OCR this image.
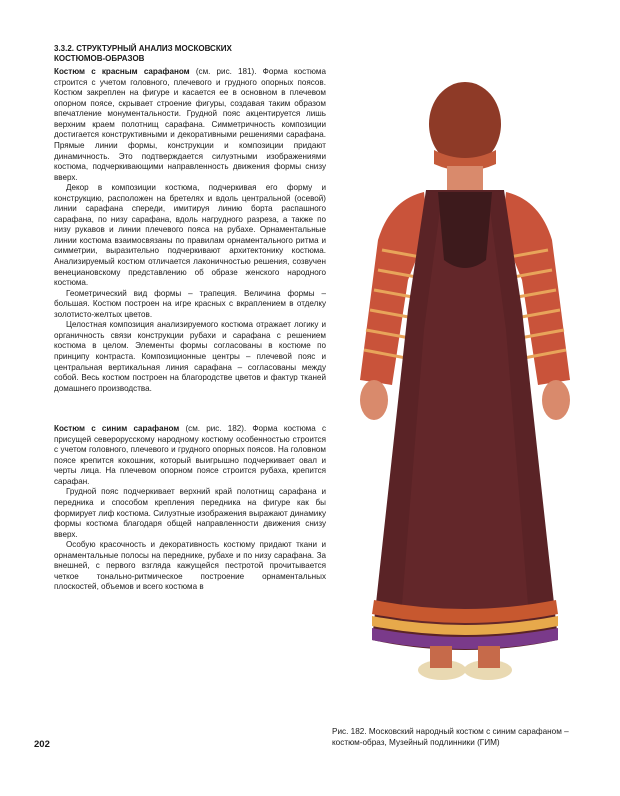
3.3.2. СТРУКТУРНЫЙ АНАЛИЗ МОСКОВСКИХ
КОСТЮМОВ-ОБРАЗОВ

Костюм с красным сарафаном (см. рис. 181). Форма костюма строится с учетом головного, плечевого и грудного опорных поясов. Костюм закреплен на фигуре и касается ее в основном в плечевом опорном поясе, скрывает строение фигуры, создавая таким образом впечатление монументальности. Грудной пояс акцентируется лишь верхним краем полотнищ сарафана. Симметричность композиции достигается конструктивными и декоративными решениями сарафана. Прямые линии формы, конструкции и композиции придают динамичность. Это подтверждается силуэтными изображениями костюма, подчеркивающими направленность движения формы снизу вверх.

Декор в композиции костюма, подчеркивая его форму и конструкцию, расположен на бретелях и вдоль центральной (осевой) линии сарафана спереди, имитируя линию борта распашного сарафана, по низу сарафана, вдоль нагрудного разреза, а также по низу рукавов и линии плечевого пояса на рубахе. Орнаментальные линии костюма взаимосвязаны по правилам орнаментального ритма и симметрии, выразительно подчеркивают архитектонику костюма. Анализируемый костюм отличается лаконичностью решения, созвучен венециановскому представлению об образе женского народного костюма.

Геометрический вид формы – трапеция. Величина формы – большая. Костюм построен на игре красных с вкраплением в отделку золотисто-желтых цветов.

Целостная композиция анализируемого костюма отражает логику и органичность связи конструкции рубахи и сарафана с решением костюма в целом. Элементы формы согласованы в костюме по принципу контраста. Композиционные центры – плечевой пояс и центральная вертикальная линия сарафана – согласованы между собой. Весь костюм построен на благородстве цветов и фактур тканей домашнего производства.

Костюм с синим сарафаном (см. рис. 182). Форма костюма с присущей северорусскому народному костюму особенностью строится с учетом головного, плечевого и грудного опорных поясов. На головном поясе крепится кокошник, который выигрышно подчеркивает овал и черты лица. На плечевом опорном поясе строится рубаха, крепится сарафан.

Грудной пояс подчеркивает верхний край полотнищ сарафана и передника и способом крепления передника на фигуре как бы формирует лиф костюма. Силуэтные изображения выражают динамику формы костюма благодаря общей направленности движения снизу вверх.

Особую красочность и декоративность костюму придают ткани и орнаментальные полосы на переднике, рубахе и по низу сарафана. За внешней, с первого взгляда кажущейся пестротой прочитывается четкое тонально-ритмическое построение орнаментальных плоскостей, объемов и всего костюма в

202
Рис. 182. Московский народный костюм с синим сарафаном – костюм-образ, Музейный подлинники (ГИМ)
